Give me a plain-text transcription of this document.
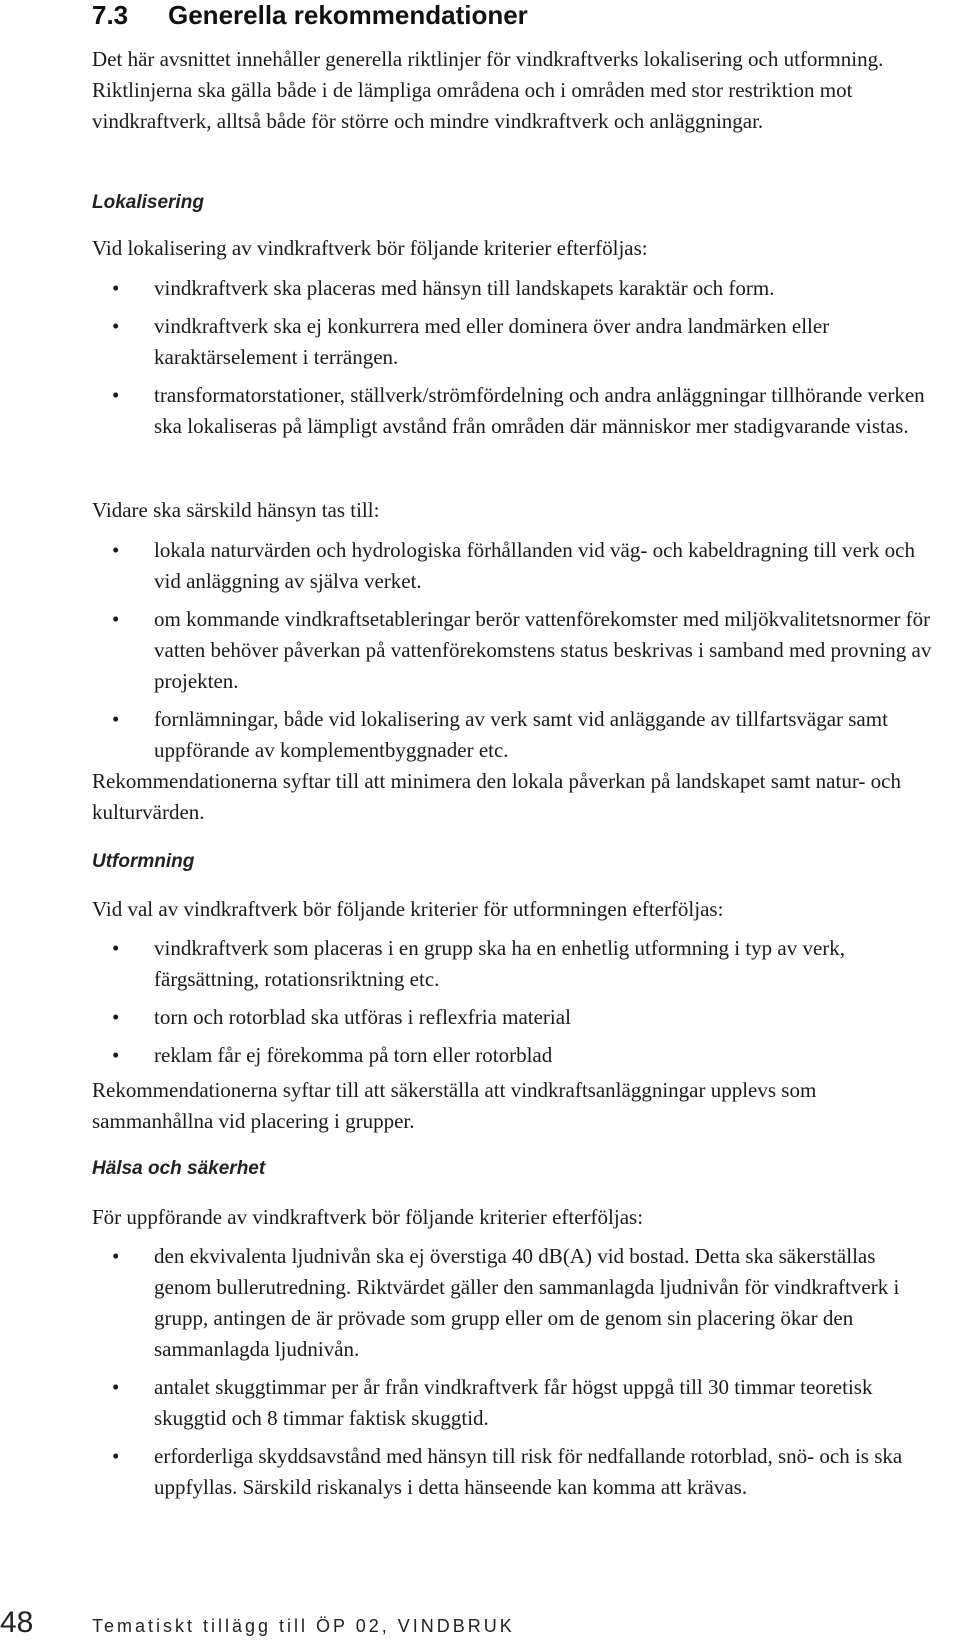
7.3 Generella rekommendationer

Det här avsnittet innehåller generella riktlinjer för vindkraftverks lokalisering och utformning. Riktlinjerna ska gälla både i de lämpliga områdena och i områden med stor restriktion mot vindkraftverk, alltså både för större och mindre vindkraftverk och anläggningar.

Lokalisering

Vid lokalisering av vindkraftverk bör följande kriterier efterföljas:

• vindkraftverk ska placeras med hänsyn till landskapets karaktär och form.
• vindkraftverk ska ej konkurrera med eller dominera över andra landmärken eller karaktärselement i terrängen.
• transformatorstationer, ställverk/strömfördelning och andra anläggningar tillhörande verken ska lokaliseras på lämpligt avstånd från områden där människor mer stadigvarande vistas.

Vidare ska särskild hänsyn tas till:

• lokala naturvärden och hydrologiska förhållanden vid väg- och kabeldragning till verk och vid anläggning av själva verket.
• om kommande vindkraftsetableringar berör vattenförekomster med miljökvalitetsnormer för vatten behöver påverkan på vattenförekomstens status beskrivas i samband med provning av projekten.
• fornlämningar, både vid lokalisering av verk samt vid anläggande av tillfartsvägar samt uppförande av komplementbyggnader etc.

Rekommendationerna syftar till att minimera den lokala påverkan på landskapet samt natur- och kulturvärden.

Utformning

Vid val av vindkraftverk bör följande kriterier för utformningen efterföljas:

• vindkraftverk som placeras i en grupp ska ha en enhetlig utformning i typ av verk, färgsättning, rotationsriktning etc.
• torn och rotorblad ska utföras i reflexfria material
• reklam får ej förekomma på torn eller rotorblad

Rekommendationerna syftar till att säkerställa att vindkraftsanläggningar upplevs som sammanhållna vid placering i grupper.

Hälsa och säkerhet

För uppförande av vindkraftverk bör följande kriterier efterföljas:

• den ekvivalenta ljudnivån ska ej överstiga 40 dB(A) vid bostad. Detta ska säkerställas genom bullerutredning. Riktvärdet gäller den sammanlagda ljudnivån för vindkraftverk i grupp, antingen de är prövade som grupp eller om de genom sin placering ökar den sammanlagda ljudnivån.
• antalet skuggtimmar per år från vindkraftverk får högst uppgå till 30 timmar teoretisk skuggtid och 8 timmar faktisk skuggtid.
• erforderliga skyddsavstånd med hänsyn till risk för nedfallande rotorblad, snö- och is ska uppfyllas. Särskild riskanalys i detta hänseende kan komma att krävas.
48	Tematiskt tillägg till ÖP 02, VINDBRUK
